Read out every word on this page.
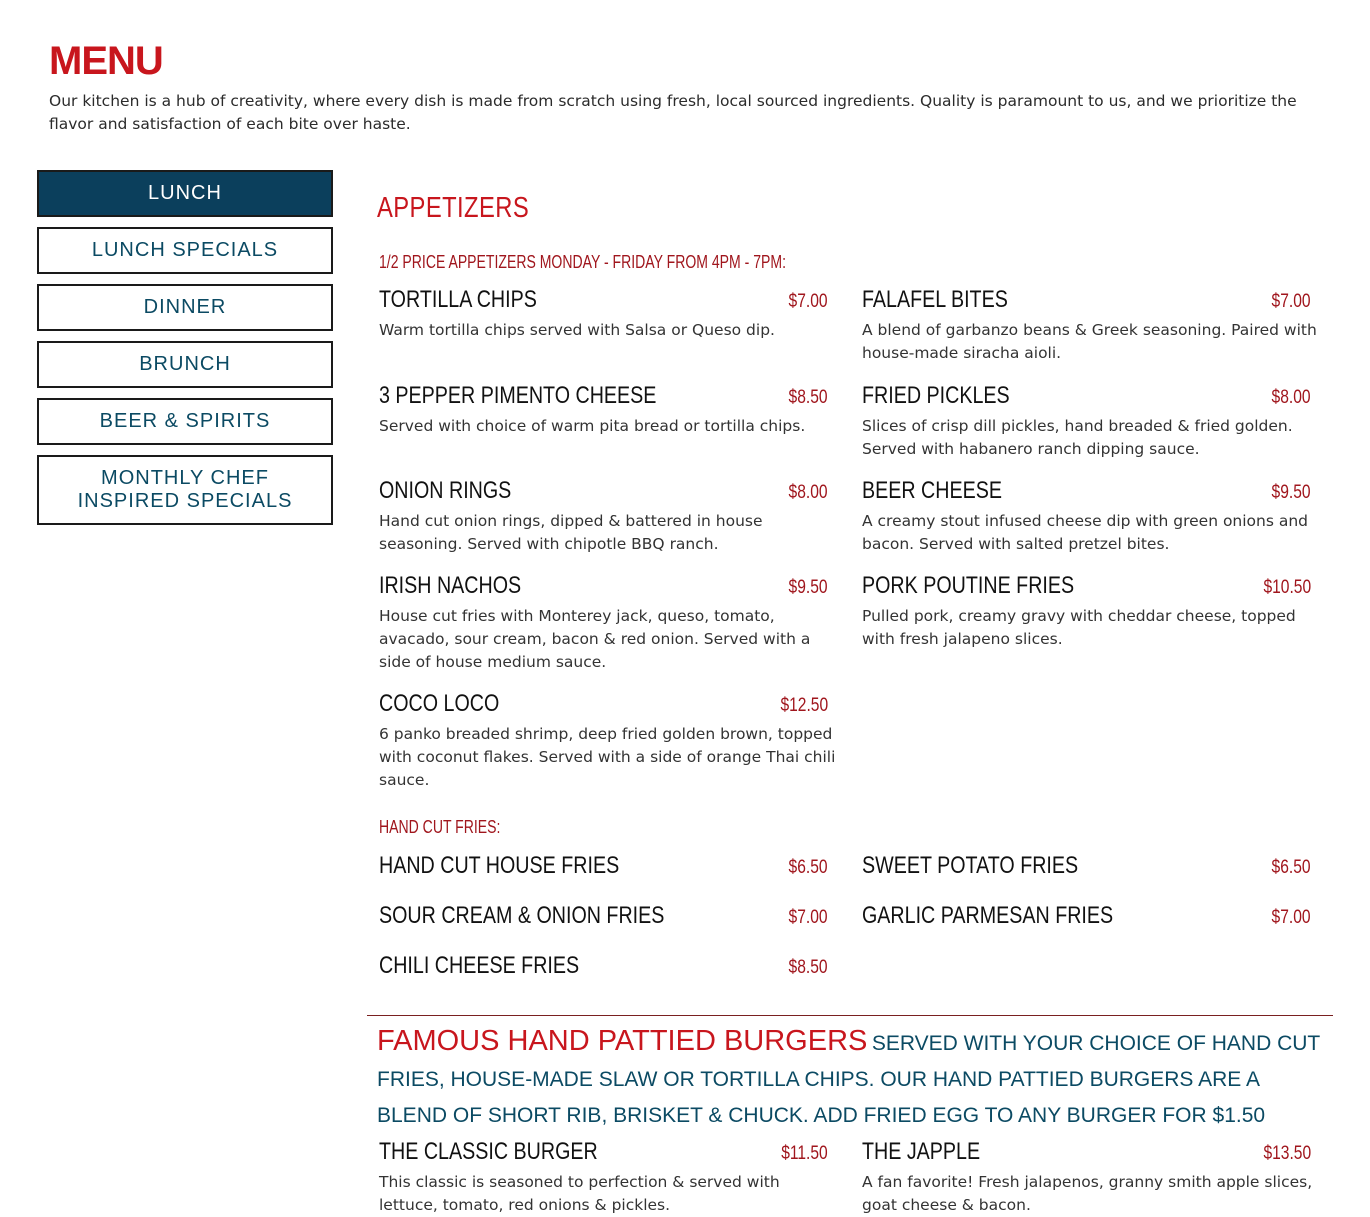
MENU
Our kitchen is a hub of creativity, where every dish is made from scratch using fresh, local sourced ingredients. Quality is paramount to us, and we prioritize the flavor and satisfaction of each bite over haste.
LUNCH
LUNCH SPECIALS
DINNER
BRUNCH
BEER & SPIRITS
MONTHLY CHEF INSPIRED SPECIALS
APPETIZERS
1/2 PRICE APPETIZERS MONDAY - FRIDAY FROM 4PM - 7PM:
TORTILLA CHIPS	$7.00
Warm tortilla chips served with Salsa or Queso dip.
FALAFEL BITES	$7.00
A blend of garbanzo beans & Greek seasoning. Paired with house-made siracha aioli.
3 PEPPER PIMENTO CHEESE	$8.50
Served with choice of warm pita bread or tortilla chips.
FRIED PICKLES	$8.00
Slices of crisp dill pickles, hand breaded & fried golden. Served with habanero ranch dipping sauce.
ONION RINGS	$8.00
Hand cut onion rings, dipped & battered in house seasoning. Served with chipotle BBQ ranch.
BEER CHEESE	$9.50
A creamy stout infused cheese dip with green onions and bacon. Served with salted pretzel bites.
IRISH NACHOS	$9.50
House cut fries with Monterey jack, queso, tomato, avacado, sour cream, bacon & red onion. Served with a side of house medium sauce.
PORK POUTINE FRIES	$10.50
Pulled pork, creamy gravy with cheddar cheese, topped with fresh jalapeno slices.
COCO LOCO	$12.50
6 panko breaded shrimp, deep fried golden brown, topped with coconut flakes. Served with a side of orange Thai chili sauce.
HAND CUT FRIES:
HAND CUT HOUSE FRIES	$6.50 SWEET POTATO FRIES	$6.50
SOUR CREAM & ONION FRIES	$7.00 GARLIC PARMESAN FRIES	$7.00
CHILI CHEESE FRIES	$8.50
FAMOUS HAND PATTIED BURGERS SERVED WITH YOUR CHOICE OF HAND CUT FRIES, HOUSE-MADE SLAW OR TORTILLA CHIPS. OUR HAND PATTIED BURGERS ARE A BLEND OF SHORT RIB, BRISKET & CHUCK. ADD FRIED EGG TO ANY BURGER FOR $1.50
THE CLASSIC BURGER	$11.50
This classic is seasoned to perfection & served with lettuce, tomato, red onions & pickles.
THE JAPPLE	$13.50
A fan favorite! Fresh jalapenos, granny smith apple slices, goat cheese & bacon.
